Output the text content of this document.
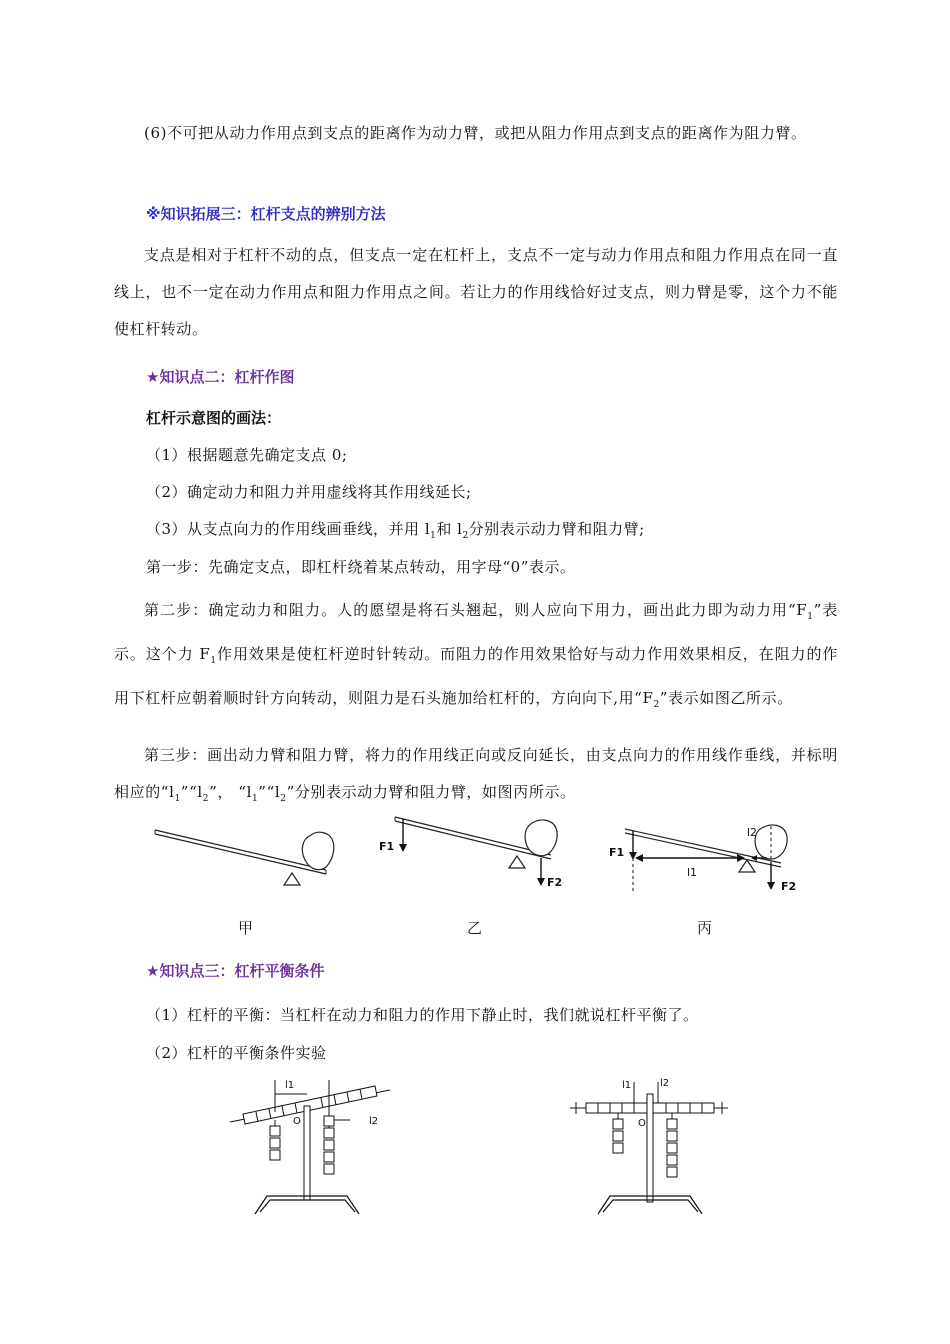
(6)不可把从动力作用点到支点的距离作为动力臂，或把从阻力作用点到支点的距离作为阻力臂。

※知识拓展三：杠杆支点的辨别方法

支点是相对于杠杆不动的点，但支点一定在杠杆上，支点不一定与动力作用点和阻力作用点在同一直线上，也不一定在动力作用点和阻力作用点之间。若让力的作用线恰好过支点，则力臂是零，这个力不能使杠杆转动。

★知识点二：杠杆作图
杠杆示意图的画法：
（1）根据题意先确定支点 0;
（2）确定动力和阻力并用虚线将其作用线延长;
（3）从支点向力的作用线画垂线，并用 $l_1$和 $l_2$分别表示动力臂和阻力臂;
第一步：先确定支点，即杠杆绕着某点转动，用字母“0”表示。

第二步：确定动力和阻力。人的愿望是将石头翘起，则人应向下用力，画出此力即为动力用“$F_1$”表示。这个力 $F_1$作用效果是使杠杆逆时针转动。而阻力的作用效果恰好与动力作用效果相反，在阻力的作用下杠杆应朝着顺时针方向转动，则阻力是石头施加给杠杆的，方向向下,用“$F_2$”表示如图乙所示。

第三步：画出动力臂和阻力臂，将力的作用线正向或反向延长，由支点向力的作用线作垂线，并标明相应的“$l_1”“l_2$”， “$l_1”“l_2$”分别表示动力臂和阻力臂，如图丙所示。

F1
F2
F1
F2
l1
l2
甲	乙	丙
★知识点三：杠杆平衡条件
（1）杠杆的平衡：当杠杆在动力和阻力的作用下静止时，我们就说杠杆平衡了。
（2）杠杆的平衡条件实验
l1
l2
O
l1	l2
O
